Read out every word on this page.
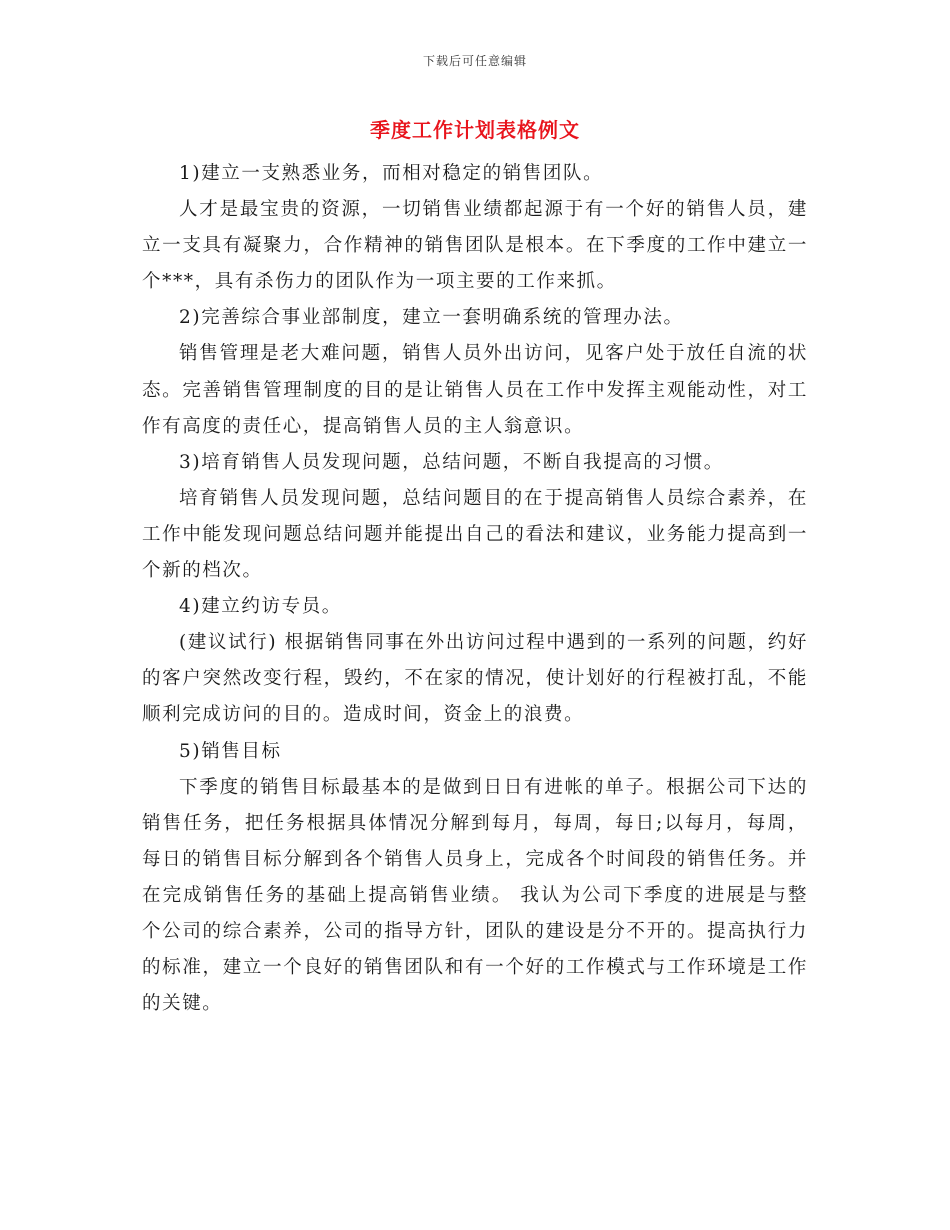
下载后可任意编辑
季度工作计划表格例文

1)建立一支熟悉业务，而相对稳定的销售团队。

人才是最宝贵的资源，一切销售业绩都起源于有一个好的销售人员，建立一支具有凝聚力，合作精神的销售团队是根本。在下季度的工作中建立一个***，具有杀伤力的团队作为一项主要的工作来抓。

2)完善综合事业部制度，建立一套明确系统的管理办法。

销售管理是老大难问题，销售人员外出访问，见客户处于放任自流的状态。完善销售管理制度的目的是让销售人员在工作中发挥主观能动性，对工作有高度的责任心，提高销售人员的主人翁意识。

3)培育销售人员发现问题，总结问题，不断自我提高的习惯。

培育销售人员发现问题，总结问题目的在于提高销售人员综合素养，在工作中能发现问题总结问题并能提出自己的看法和建议，业务能力提高到一个新的档次。

4)建立约访专员。

(建议试行) 根据销售同事在外出访问过程中遇到的一系列的问题，约好的客户突然改变行程，毁约，不在家的情况，使计划好的行程被打乱，不能顺利完成访问的目的。造成时间，资金上的浪费。

5)销售目标

下季度的销售目标最基本的是做到日日有进帐的单子。根据公司下达的销售任务，把任务根据具体情况分解到每月，每周，每日;以每月，每周，每日的销售目标分解到各个销售人员身上，完成各个时间段的销售任务。并在完成销售任务的基础上提高销售业绩。 我认为公司下季度的进展是与整个公司的综合素养，公司的指导方针，团队的建设是分不开的。提高执行力的标准，建立一个良好的销售团队和有一个好的工作模式与工作环境是工作的关键。
